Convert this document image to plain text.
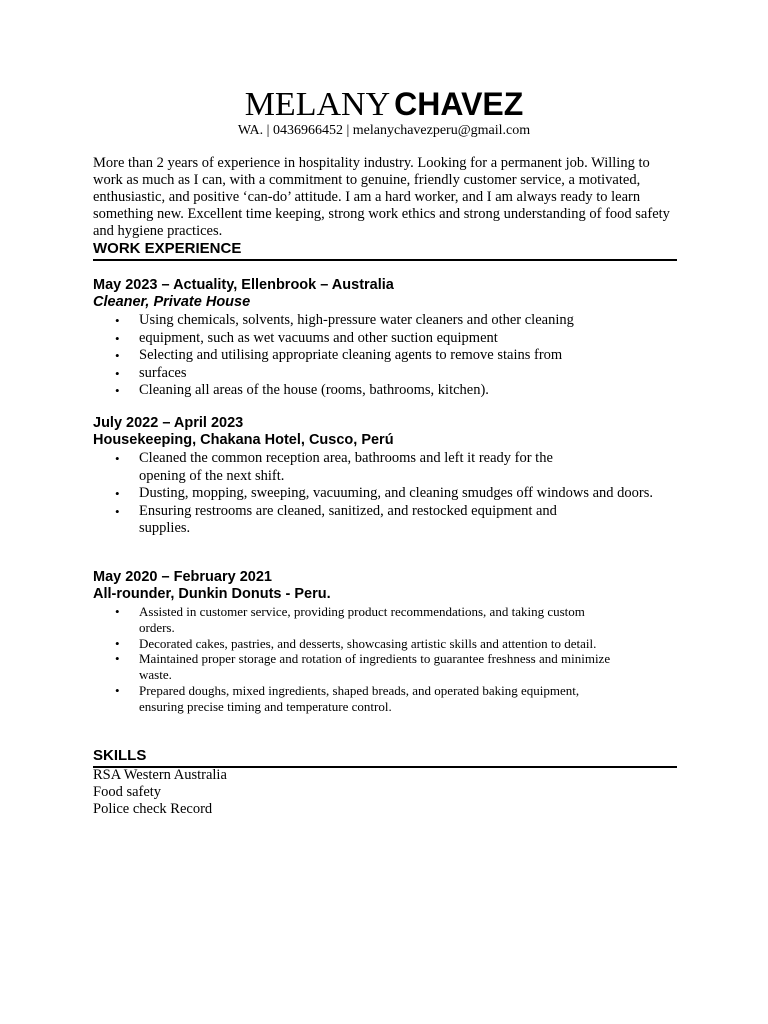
MELANY CHAVEZ
WA. | 0436966452 | melanychavezperu@gmail.com

More than 2 years of experience in hospitality industry. Looking for a permanent job. Willing to work as much as I can, with a commitment to genuine, friendly customer service, a motivated, enthusiastic, and positive ‘can-do’ attitude. I am a hard worker, and I am always ready to learn something new. Excellent time keeping, strong work ethics and strong understanding of food safety and hygiene practices.

WORK EXPERIENCE
May 2023 – Actuality, Ellenbrook – Australia
Cleaner, Private House
• Using chemicals, solvents, high-pressure water cleaners and other cleaning
• equipment, such as wet vacuums and other suction equipment
• Selecting and utilising appropriate cleaning agents to remove stains from
• surfaces
• Cleaning all areas of the house (rooms, bathrooms, kitchen).
July 2022 – April 2023
Housekeeping, Chakana Hotel, Cusco, Perú
• Cleaned the common reception area, bathrooms and left it ready for the opening of the next shift.
• Dusting, mopping, sweeping, vacuuming, and cleaning smudges off windows and doors.
• Ensuring restrooms are cleaned, sanitized, and restocked equipment and supplies.
May 2020 – February 2021
All-rounder, Dunkin Donuts - Peru.
• Assisted in customer service, providing product recommendations, and taking custom orders.
• Decorated cakes, pastries, and desserts, showcasing artistic skills and attention to detail.
• Maintained proper storage and rotation of ingredients to guarantee freshness and minimize waste.
• Prepared doughs, mixed ingredients, shaped breads, and operated baking equipment, ensuring precise timing and temperature control.
SKILLS
RSA Western Australia
Food safety
Police check Record
